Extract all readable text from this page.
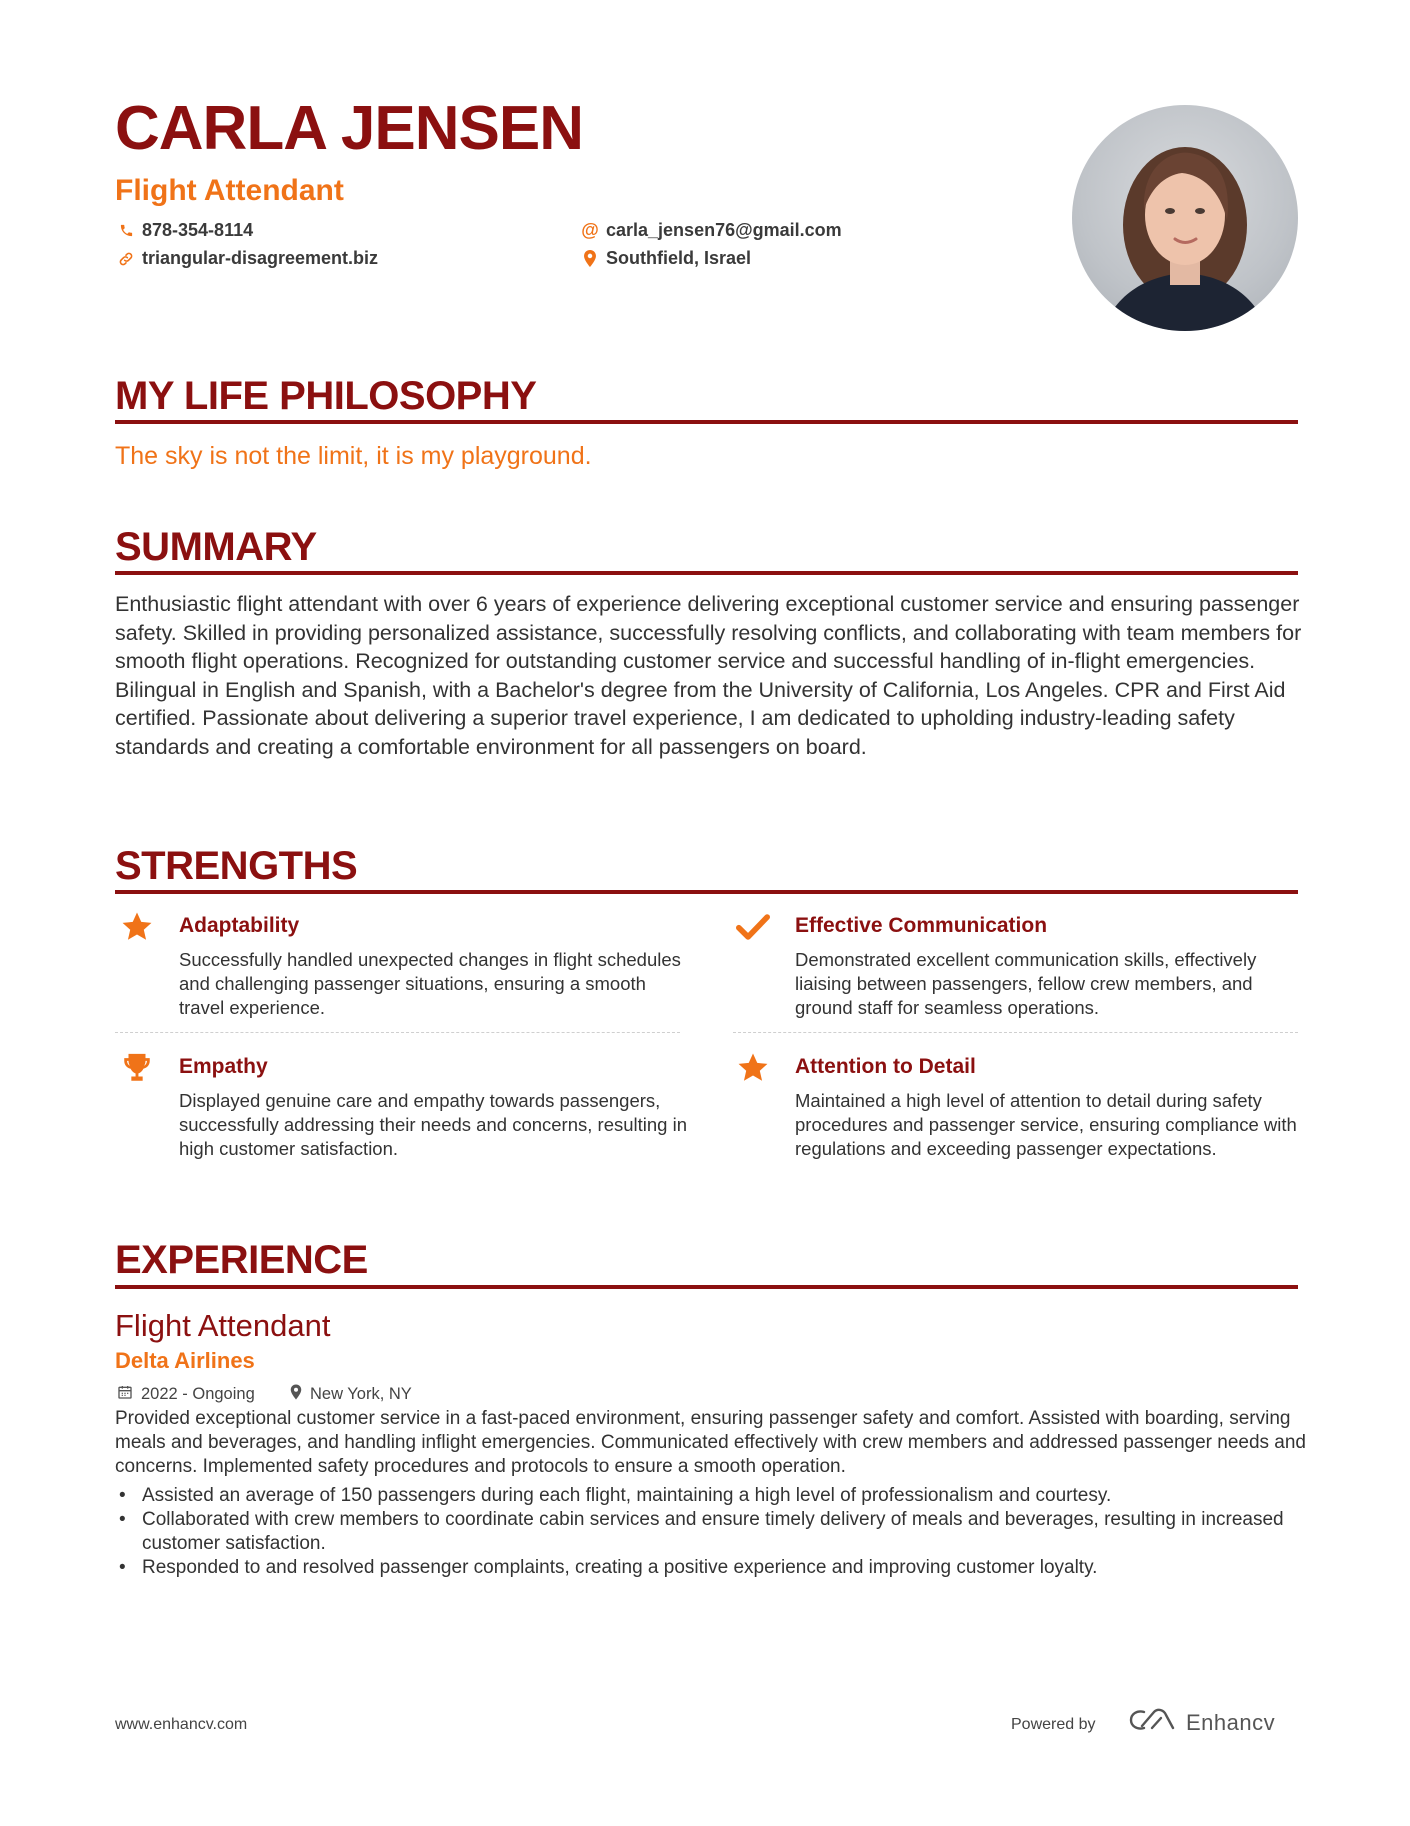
CARLA JENSEN
Flight Attendant
878-354-8114	@ carla_jensen76@gmail.com
triangular-disagreement.biz	Southfield, Israel
MY LIFE PHILOSOPHY
The sky is not the limit, it is my playground.
SUMMARY
Enthusiastic flight attendant with over 6 years of experience delivering exceptional customer service and ensuring passenger safety. Skilled in providing personalized assistance, successfully resolving conflicts, and collaborating with team members for smooth flight operations. Recognized for outstanding customer service and successful handling of in-flight emergencies. Bilingual in English and Spanish, with a Bachelor's degree from the University of California, Los Angeles. CPR and First Aid certified. Passionate about delivering a superior travel experience, I am dedicated to upholding industry-leading safety standards and creating a comfortable environment for all passengers on board.
STRENGTHS
Adaptability
Successfully handled unexpected changes in flight schedules and challenging passenger situations, ensuring a smooth travel experience.
Effective Communication
Demonstrated excellent communication skills, effectively liaising between passengers, fellow crew members, and ground staff for seamless operations.
Empathy
Displayed genuine care and empathy towards passengers, successfully addressing their needs and concerns, resulting in high customer satisfaction.
Attention to Detail
Maintained a high level of attention to detail during safety procedures and passenger service, ensuring compliance with regulations and exceeding passenger expectations.
EXPERIENCE
Flight Attendant
Delta Airlines
2022 - Ongoing	New York, NY
Provided exceptional customer service in a fast-paced environment, ensuring passenger safety and comfort. Assisted with boarding, serving meals and beverages, and handling inflight emergencies. Communicated effectively with crew members and addressed passenger needs and concerns. Implemented safety procedures and protocols to ensure a smooth operation.
• Assisted an average of 150 passengers during each flight, maintaining a high level of professionalism and courtesy.
• Collaborated with crew members to coordinate cabin services and ensure timely delivery of meals and beverages, resulting in increased customer satisfaction.
• Responded to and resolved passenger complaints, creating a positive experience and improving customer loyalty.
www.enhancv.com	Powered by	Enhancv
